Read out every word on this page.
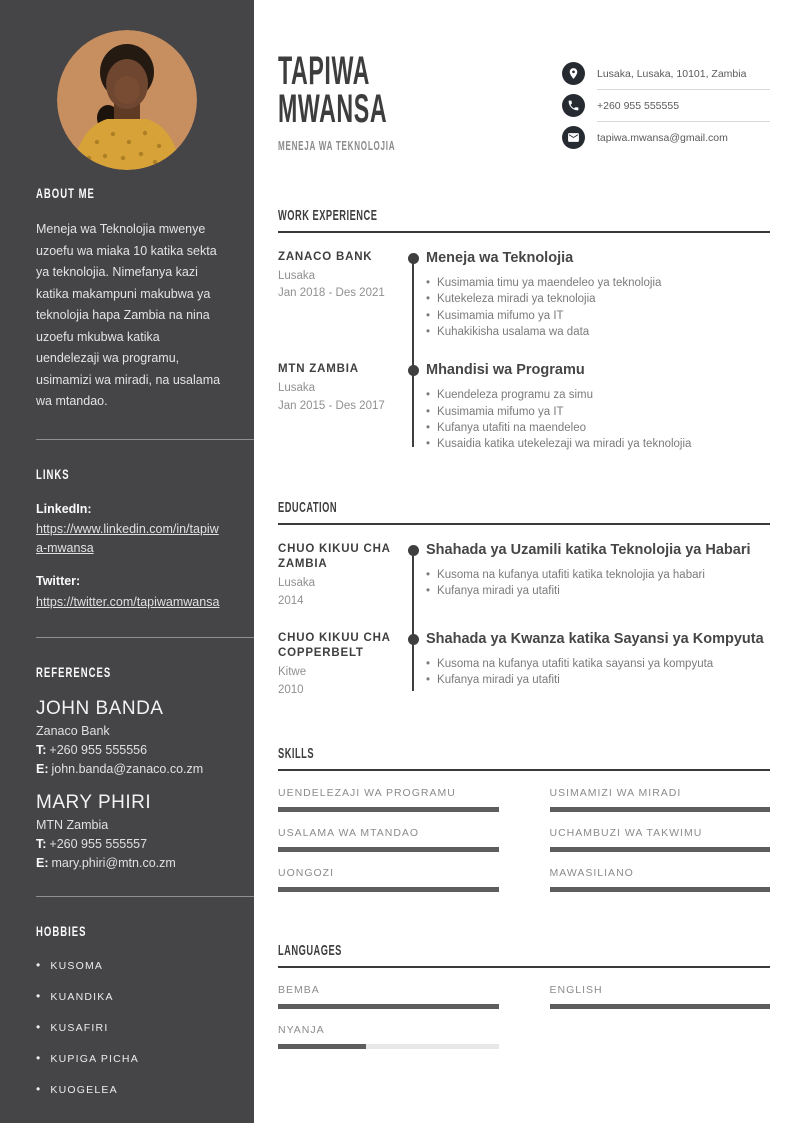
ABOUT ME

Meneja wa Teknolojia mwenye uzoefu wa miaka 10 katika sekta ya teknolojia. Nimefanya kazi katika makampuni makubwa ya teknolojia hapa Zambia na nina uzoefu mkubwa katika uendelezaji wa programu, usimamizi wa miradi, na usalama wa mtandao.

LINKS
LinkedIn:
https://www.linkedin.com/in/tapiwa-mwansa
Twitter:
https://twitter.com/tapiwamwansa
REFERENCES
JOHN BANDA
Zanaco Bank
T: +260 955 555556
E: john.banda@zanaco.co.zm
MARY PHIRI
MTN Zambia
T: +260 955 555557
E: mary.phiri@mtn.co.zm
HOBBIES
• KUSOMA
• KUANDIKA
• KUSAFIRI
• KUPIGA PICHA
• KUOGELEA
TAPIWA
MWANSA
MENEJA WA TEKNOLOJIA
Lusaka, Lusaka, 10101, Zambia
+260 955 555555
tapiwa.mwansa@gmail.com
WORK EXPERIENCE
ZANACO BANK
Lusaka
Jan 2018 - Des 2021
Meneja wa Teknolojia
• Kusimamia timu ya maendeleo ya teknolojia
• Kutekeleza miradi ya teknolojia
• Kusimamia mifumo ya IT
• Kuhakikisha usalama wa data
MTN ZAMBIA
Lusaka
Jan 2015 - Des 2017
Mhandisi wa Programu
• Kuendeleza programu za simu
• Kusimamia mifumo ya IT
• Kufanya utafiti na maendeleo
• Kusaidia katika utekelezaji wa miradi ya teknolojia
EDUCATION
CHUO KIKUU CHA ZAMBIA
Lusaka
2014
Shahada ya Uzamili katika Teknolojia ya Habari
• Kusoma na kufanya utafiti katika teknolojia ya habari
• Kufanya miradi ya utafiti
CHUO KIKUU CHA COPPERBELT
Kitwe
2010
Shahada ya Kwanza katika Sayansi ya Kompyuta
• Kusoma na kufanya utafiti katika sayansi ya kompyuta
• Kufanya miradi ya utafiti
SKILLS
UENDELEZAJI WA PROGRAMU	USIMAMIZI WA MIRADI
USALAMA WA MTANDAO	UCHAMBUZI WA TAKWIMU
UONGOZI	MAWASILIANO
LANGUAGES
BEMBA	ENGLISH
NYANJA
